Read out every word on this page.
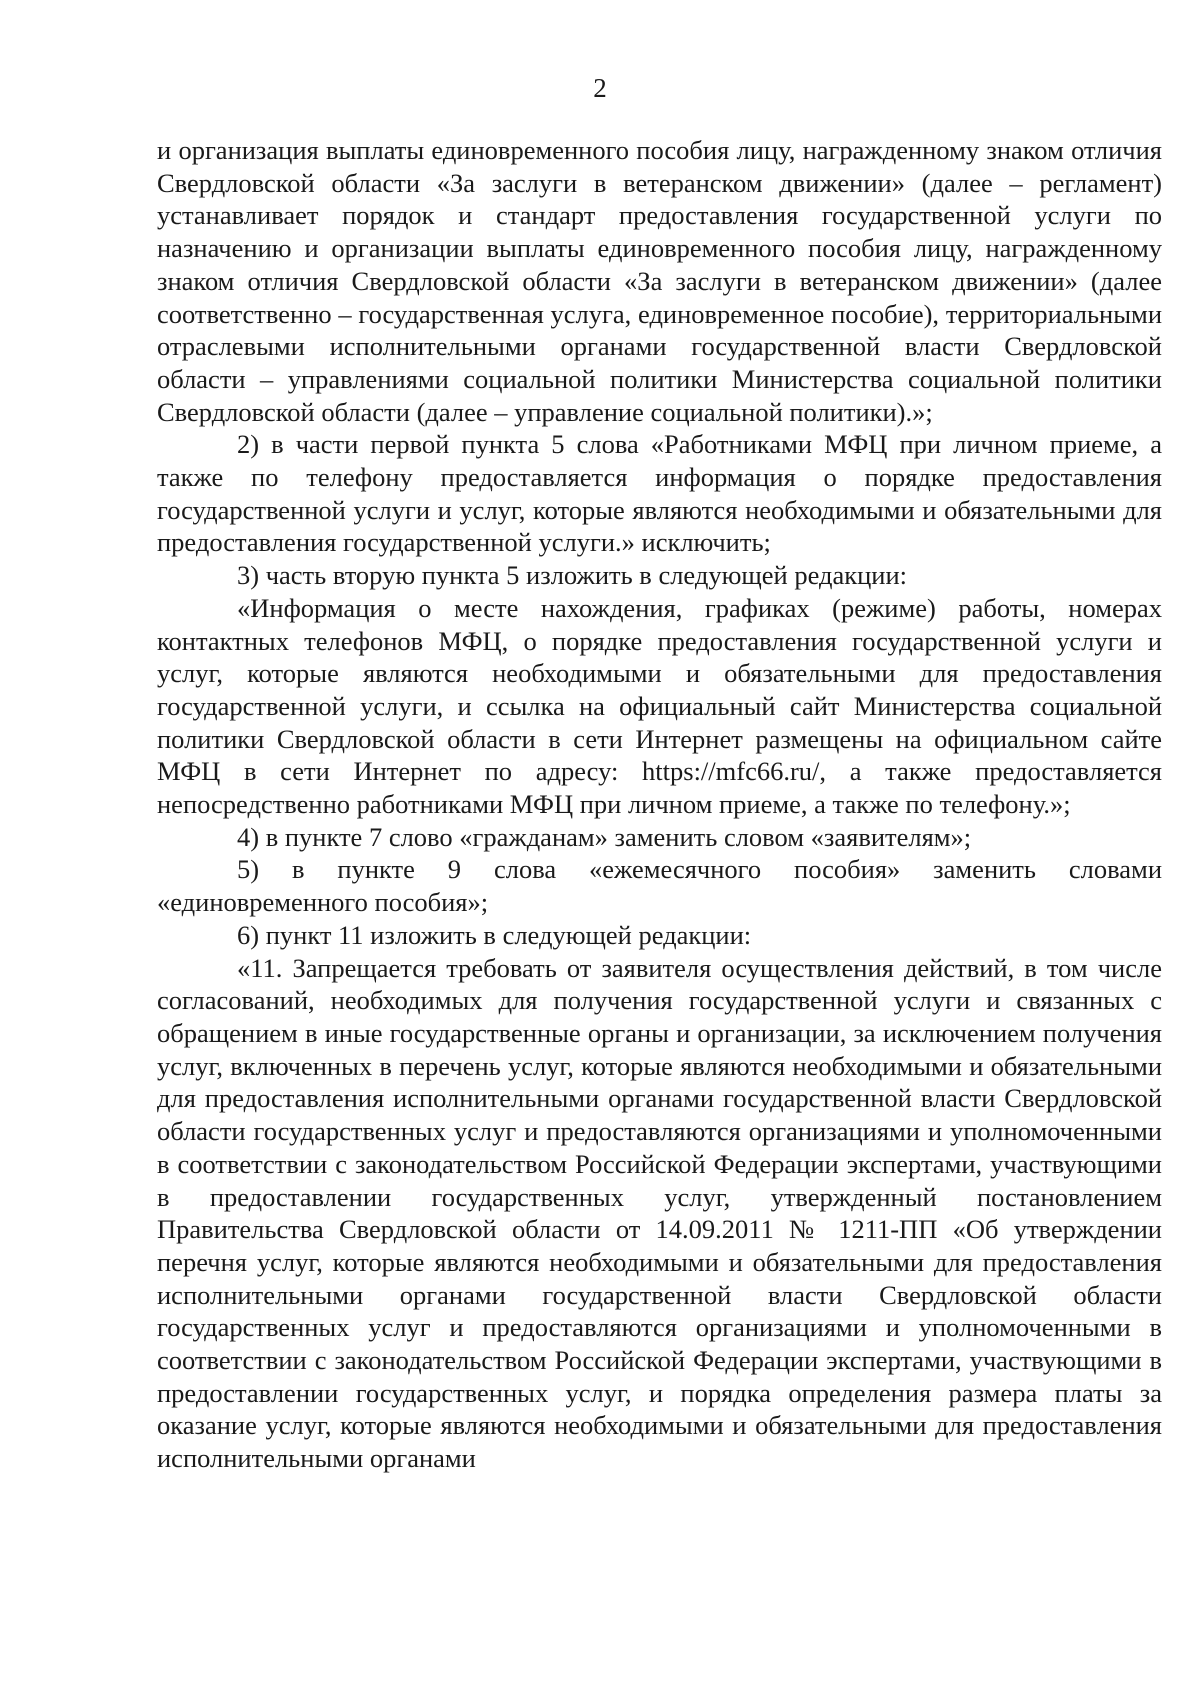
2

и организация выплаты единовременного пособия лицу, награжденному знаком отличия Свердловской области «За заслуги в ветеранском движении» (далее – регламент) устанавливает порядок и стандарт предоставления государственной услуги по назначению и организации выплаты единовременного пособия лицу, награжденному знаком отличия Свердловской области «За заслуги в ветеранском движении» (далее соответственно – государственная услуга, единовременное пособие), территориальными отраслевыми исполнительными органами государственной власти Свердловской области – управлениями социальной политики Министерства социальной политики Свердловской области (далее – управление социальной политики).»;

2) в части первой пункта 5 слова «Работниками МФЦ при личном приеме, а также по телефону предоставляется информация о порядке предоставления государственной услуги и услуг, которые являются необходимыми и обязательными для предоставления государственной услуги.» исключить;

3) часть вторую пункта 5 изложить в следующей редакции:

«Информация о месте нахождения, графиках (режиме) работы, номерах контактных телефонов МФЦ, о порядке предоставления государственной услуги и услуг, которые являются необходимыми и обязательными для предоставления государственной услуги, и ссылка на официальный сайт Министерства социальной политики Свердловской области в сети Интернет размещены на официальном сайте МФЦ в сети Интернет по адресу: https://mfc66.ru/, а также предоставляется непосредственно работниками МФЦ при личном приеме, а также по телефону.»;

4) в пункте 7 слово «гражданам» заменить словом «заявителям»;

5) в пункте 9 слова «ежемесячного пособия» заменить словами «единовременного пособия»;

6) пункт 11 изложить в следующей редакции:

«11. Запрещается требовать от заявителя осуществления действий, в том числе согласований, необходимых для получения государственной услуги и связанных с обращением в иные государственные органы и организации, за исключением получения услуг, включенных в перечень услуг, которые являются необходимыми и обязательными для предоставления исполнительными органами государственной власти Свердловской области государственных услуг и предоставляются организациями и уполномоченными в соответствии с законодательством Российской Федерации экспертами, участвующими в предоставлении государственных услуг, утвержденный постановлением Правительства Свердловской области от 14.09.2011 № 1211-ПП «Об утверждении перечня услуг, которые являются необходимыми и обязательными для предоставления исполнительными органами государственной власти Свердловской области государственных услуг и предоставляются организациями и уполномоченными в соответствии с законодательством Российской Федерации экспертами, участвующими в предоставлении государственных услуг, и порядка определения размера платы за оказание услуг, которые являются необходимыми и обязательными для предоставления исполнительными органами
